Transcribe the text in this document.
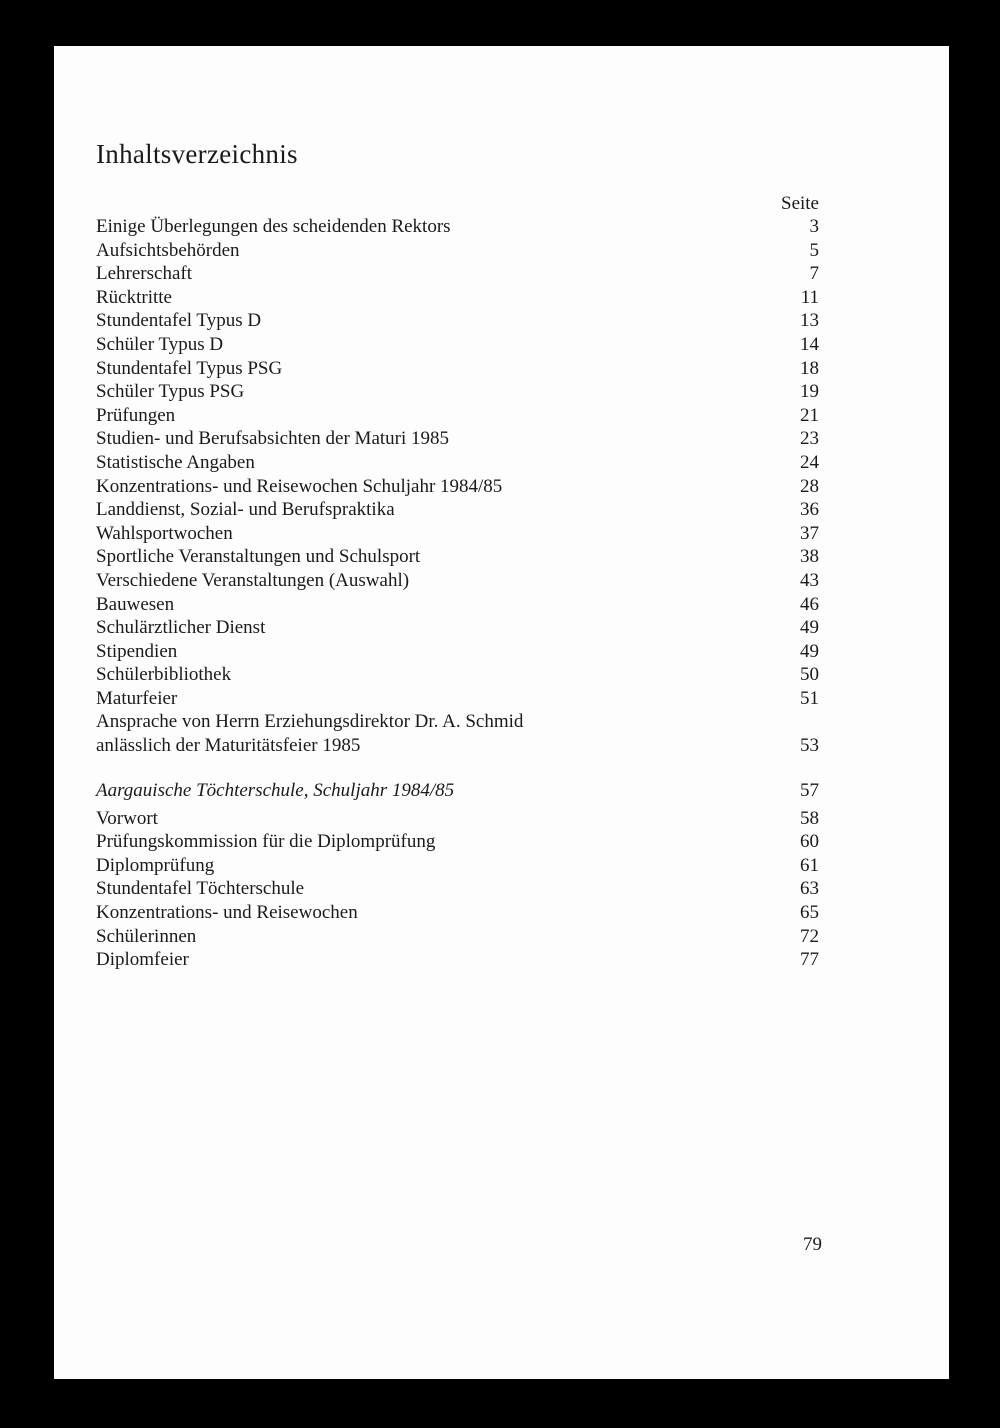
Inhaltsverzeichnis
Seite
Einige Überlegungen des scheidenden Rektors	3
Aufsichtsbehörden	5
Lehrerschaft	7
Rücktritte	11
Stundentafel Typus D	13
Schüler Typus D	14
Stundentafel Typus PSG	18
Schüler Typus PSG	19
Prüfungen	21
Studien- und Berufsabsichten der Maturi 1985	23
Statistische Angaben	24
Konzentrations- und Reisewochen Schuljahr 1984/85	28
Landdienst, Sozial- und Berufspraktika	36
Wahlsportwochen	37
Sportliche Veranstaltungen und Schulsport	38
Verschiedene Veranstaltungen (Auswahl)	43
Bauwesen	46
Schulärztlicher Dienst	49
Stipendien	49
Schülerbibliothek	50
Maturfeier	51
Ansprache von Herrn Erziehungsdirektor Dr. A. Schmid
anlässlich der Maturitätsfeier 1985	53
Aargauische Töchterschule, Schuljahr 1984/85	57
Vorwort	58
Prüfungskommission für die Diplomprüfung	60
Diplomprüfung	61
Stundentafel Töchterschule	63
Konzentrations- und Reisewochen	65
Schülerinnen	72
Diplomfeier	77
79
